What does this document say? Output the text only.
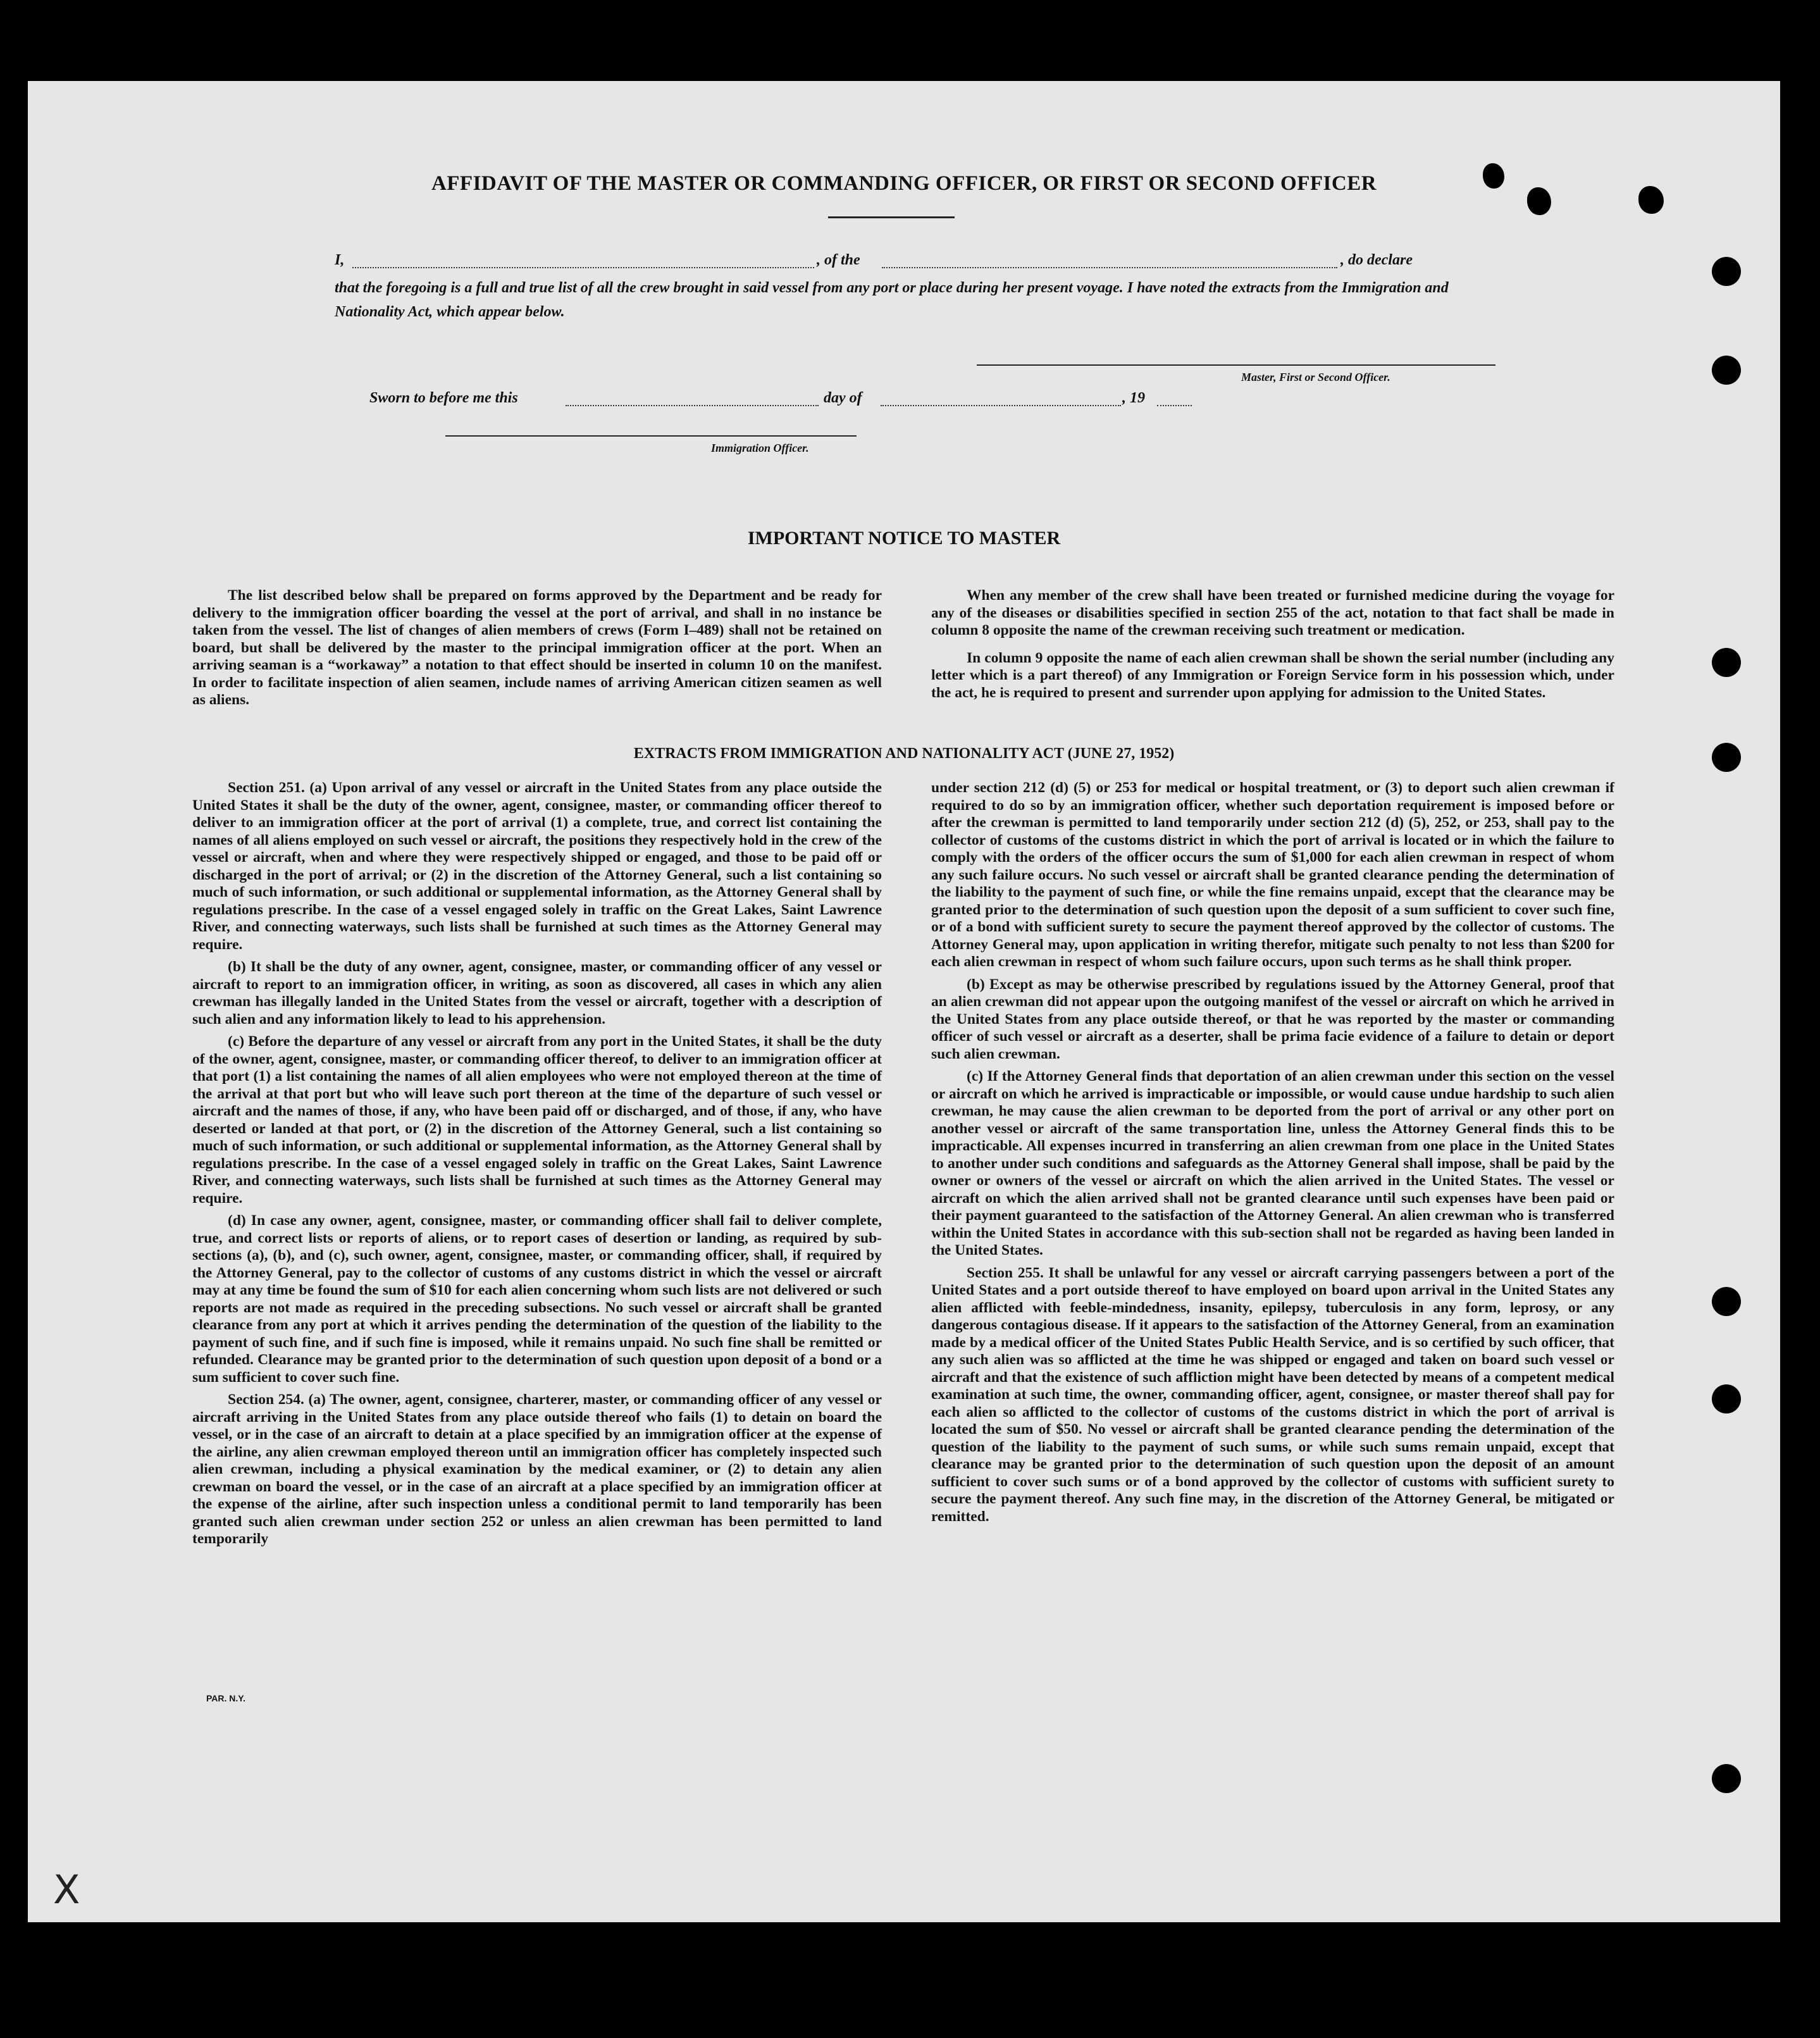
AFFIDAVIT OF THE MASTER OR COMMANDING OFFICER, OR FIRST OR SECOND OFFICER
I,	, of the	, do declare
that the foregoing is a full and true list of all the crew brought in said vessel from any port or place during her present voyage. I have noted the extracts from the Immigration and Nationality Act, which appear below.
Master, First or Second Officer.
Sworn to before me this	day of	, 19
Immigration Officer.
IMPORTANT NOTICE TO MASTER

The list described below shall be prepared on forms approved by the Department and be ready for delivery to the immigration officer boarding the vessel at the port of arrival, and shall in no instance be taken from the vessel. The list of changes of alien members of crews (Form I–489) shall not be retained on board, but shall be delivered by the master to the principal immigration officer at the port. When an arriving seaman is a “workaway” a notation to that effect should be inserted in column 10 on the manifest. In order to facilitate inspection of alien seamen, include names of arriving American citizen seamen as well as aliens.

When any member of the crew shall have been treated or furnished medicine during the voyage for any of the diseases or disabilities specified in section 255 of the act, notation to that fact shall be made in column 8 opposite the name of the crewman receiving such treatment or medication.

In column 9 opposite the name of each alien crewman shall be shown the serial number (including any letter which is a part thereof) of any Immigration or Foreign Service form in his possession which, under the act, he is required to present and surrender upon applying for admission to the United States.

EXTRACTS FROM IMMIGRATION AND NATIONALITY ACT (JUNE 27, 1952)

Section 251. (a) Upon arrival of any vessel or aircraft in the United States from any place outside the United States it shall be the duty of the owner, agent, consignee, master, or commanding officer thereof to deliver to an immigration officer at the port of arrival (1) a complete, true, and correct list containing the names of all aliens employed on such vessel or aircraft, the positions they respectively hold in the crew of the vessel or aircraft, when and where they were respectively shipped or engaged, and those to be paid off or discharged in the port of arrival; or (2) in the discretion of the Attorney General, such a list containing so much of such information, or such additional or supplemental information, as the Attorney General shall by regulations prescribe. In the case of a vessel engaged solely in traffic on the Great Lakes, Saint Lawrence River, and connecting waterways, such lists shall be furnished at such times as the Attorney General may require.

(b) It shall be the duty of any owner, agent, consignee, master, or commanding officer of any vessel or aircraft to report to an immigration officer, in writing, as soon as discovered, all cases in which any alien crewman has illegally landed in the United States from the vessel or aircraft, together with a description of such alien and any information likely to lead to his apprehension.

(c) Before the departure of any vessel or aircraft from any port in the United States, it shall be the duty of the owner, agent, consignee, master, or commanding officer thereof, to deliver to an immigration officer at that port (1) a list containing the names of all alien employees who were not employed thereon at the time of the arrival at that port but who will leave such port thereon at the time of the departure of such vessel or aircraft and the names of those, if any, who have been paid off or discharged, and of those, if any, who have deserted or landed at that port, or (2) in the discretion of the Attorney General, such a list containing so much of such information, or such additional or supplemental information, as the Attorney General shall by regulations prescribe. In the case of a vessel engaged solely in traffic on the Great Lakes, Saint Lawrence River, and connecting waterways, such lists shall be furnished at such times as the Attorney General may require.

(d) In case any owner, agent, consignee, master, or commanding officer shall fail to deliver complete, true, and correct lists or reports of aliens, or to report cases of desertion or landing, as required by sub-sections (a), (b), and (c), such owner, agent, consignee, master, or commanding officer, shall, if required by the Attorney General, pay to the collector of customs of any customs district in which the vessel or aircraft may at any time be found the sum of $10 for each alien concerning whom such lists are not delivered or such reports are not made as required in the preceding subsections. No such vessel or aircraft shall be granted clearance from any port at which it arrives pending the determination of the question of the liability to the payment of such fine, and if such fine is imposed, while it remains unpaid. No such fine shall be remitted or refunded. Clearance may be granted prior to the determination of such question upon deposit of a bond or a sum sufficient to cover such fine.

Section 254. (a) The owner, agent, consignee, charterer, master, or commanding officer of any vessel or aircraft arriving in the United States from any place outside thereof who fails (1) to detain on board the vessel, or in the case of an aircraft to detain at a place specified by an immigration officer at the expense of the airline, any alien crewman employed thereon until an immigration officer has completely inspected such alien crewman, including a physical examination by the medical examiner, or (2) to detain any alien crewman on board the vessel, or in the case of an aircraft at a place specified by an immigration officer at the expense of the airline, after such inspection unless a conditional permit to land temporarily has been granted such alien crewman under section 252 or unless an alien crewman has been permitted to land temporarily

under section 212 (d) (5) or 253 for medical or hospital treatment, or (3) to deport such alien crewman if required to do so by an immigration officer, whether such deportation requirement is imposed before or after the crewman is permitted to land temporarily under section 212 (d) (5), 252, or 253, shall pay to the collector of customs of the customs district in which the port of arrival is located or in which the failure to comply with the orders of the officer occurs the sum of $1,000 for each alien crewman in respect of whom any such failure occurs. No such vessel or aircraft shall be granted clearance pending the determination of the liability to the payment of such fine, or while the fine remains unpaid, except that the clearance may be granted prior to the determination of such question upon the deposit of a sum sufficient to cover such fine, or of a bond with sufficient surety to secure the payment thereof approved by the collector of customs. The Attorney General may, upon application in writing therefor, mitigate such penalty to not less than $200 for each alien crewman in respect of whom such failure occurs, upon such terms as he shall think proper.

(b) Except as may be otherwise prescribed by regulations issued by the Attorney General, proof that an alien crewman did not appear upon the outgoing manifest of the vessel or aircraft on which he arrived in the United States from any place outside thereof, or that he was reported by the master or commanding officer of such vessel or aircraft as a deserter, shall be prima facie evidence of a failure to detain or deport such alien crewman.

(c) If the Attorney General finds that deportation of an alien crewman under this section on the vessel or aircraft on which he arrived is impracticable or impossible, or would cause undue hardship to such alien crewman, he may cause the alien crewman to be deported from the port of arrival or any other port on another vessel or aircraft of the same transportation line, unless the Attorney General finds this to be impracticable. All expenses incurred in transferring an alien crewman from one place in the United States to another under such conditions and safeguards as the Attorney General shall impose, shall be paid by the owner or owners of the vessel or aircraft on which the alien arrived in the United States. The vessel or aircraft on which the alien arrived shall not be granted clearance until such expenses have been paid or their payment guaranteed to the satisfaction of the Attorney General. An alien crewman who is transferred within the United States in accordance with this sub-section shall not be regarded as having been landed in the United States.

Section 255. It shall be unlawful for any vessel or aircraft carrying passengers between a port of the United States and a port outside thereof to have employed on board upon arrival in the United States any alien afflicted with feeble-mindedness, insanity, epilepsy, tuberculosis in any form, leprosy, or any dangerous contagious disease. If it appears to the satisfaction of the Attorney General, from an examination made by a medical officer of the United States Public Health Service, and is so certified by such officer, that any such alien was so afflicted at the time he was shipped or engaged and taken on board such vessel or aircraft and that the existence of such affliction might have been detected by means of a competent medical examination at such time, the owner, commanding officer, agent, consignee, or master thereof shall pay for each alien so afflicted to the collector of customs of the customs district in which the port of arrival is located the sum of $50. No vessel or aircraft shall be granted clearance pending the determination of the question of the liability to the payment of such sums, or while such sums remain unpaid, except that clearance may be granted prior to the determination of such question upon the deposit of an amount sufficient to cover such sums or of a bond approved by the collector of customs with sufficient surety to secure the payment thereof. Any such fine may, in the discretion of the Attorney General, be mitigated or remitted.

PAR. N.Y.
X
